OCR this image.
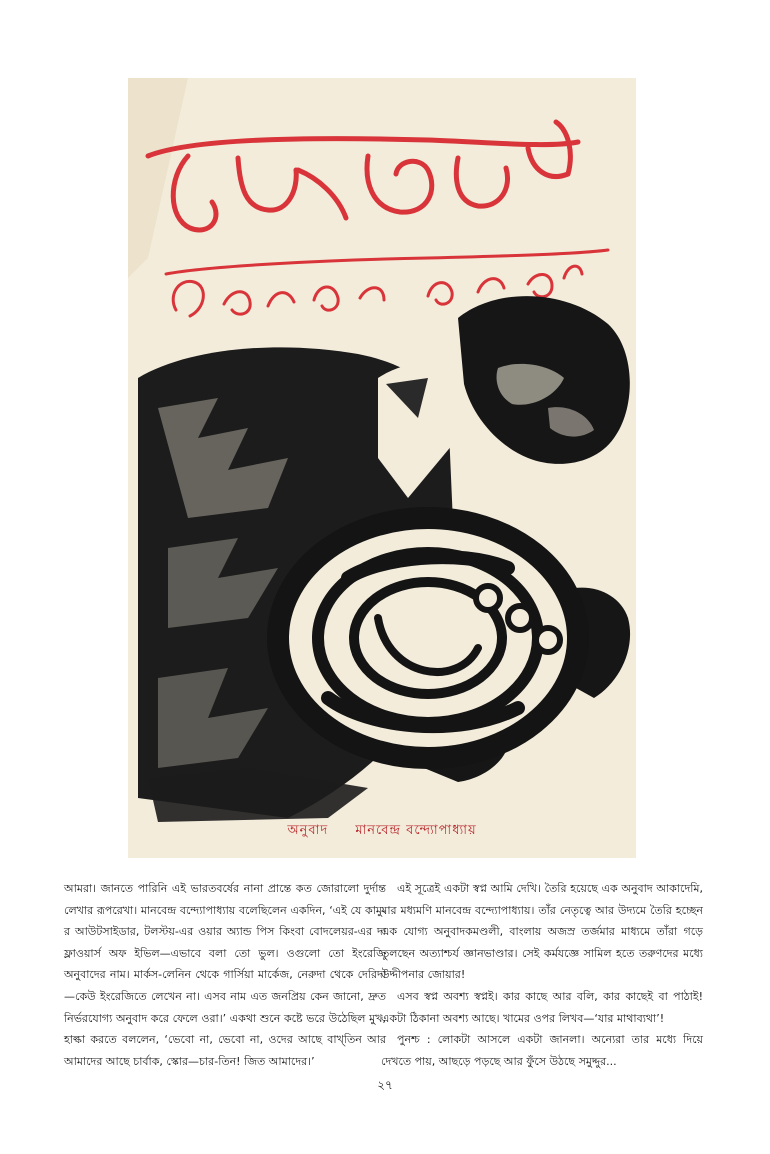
অনুবাদ মানবেন্দ্র বন্দ্যোপাধ্যায়

আমরা। জানতে পারিনি এই ভারতবর্ষের নানা প্রান্তে কত জোরালো দুর্দান্ত লেখার রূপরেখা। মানবেন্দ্র বন্দ্যোপাধ্যায় বলেছিলেন একদিন, ‘এই যে কামু-র আউটসাইডার, টলস্টয়-এর ওয়ার অ্যান্ড পিস কিংবা বোদলেয়র-এর দ্য ফ্লাওয়ার্স অফ ইভিল—এভাবে বলা তো ভুল। ওগুলো তো ইংরেজি অনুবাদের নাম। মার্কস-লেনিন থেকে গার্সিয়া মার্কেজ, নেরুদা থেকে দেরিদা—কেউ ইংরেজিতে লেখেন না। এসব নাম এত জনপ্রিয় কেন জানো, দ্রুত নির্ভরযোগ্য অনুবাদ করে ফেলে ওরা।’ একথা শুনে কষ্টে ভরে উঠেছিল মুখ, হাল্কা করতে বললেন, ‘ভেবো না, ভেবো না, ওদের আছে বাখ্‌তিন আর আমাদের আছে চার্বাক, স্কোর—চার-তিন! জিত আমাদের।’

এই সূত্রেই একটা স্বপ্ন আমি দেখি। তৈরি হয়েছে এক অনুবাদ আকাদেমি, যার মধ্যমণি মানবেন্দ্র বন্দ্যোপাধ্যায়। তাঁর নেতৃত্বে আর উদ্যমে তৈরি হচ্ছেন এক যোগ্য অনুবাদকমণ্ডলী, বাংলায় অজস্র তর্জমার মাধ্যমে তাঁরা গড়ে তুলছেন অত্যাশ্চর্য জ্ঞানভাণ্ডার। সেই কর্মযজ্ঞে সামিল হতে তরুণদের মধ্যে উদ্দীপনার জোয়ার!

এসব স্বপ্ন অবশ্য স্বপ্নই। কার কাছে আর বলি, কার কাছেই বা পাঠাই! একটা ঠিকানা অবশ্য আছে। খামের ওপর লিখব—‘যার মাথাব্যথা’!

পুনশ্চ : লোকটা আসলে একটা জানলা। অন্যেরা তার মধ্যে দিয়ে দেখতে পায়, আছড়ে পড়ছে আর ফুঁসে উঠছে সমুদ্দুর...

২৭
